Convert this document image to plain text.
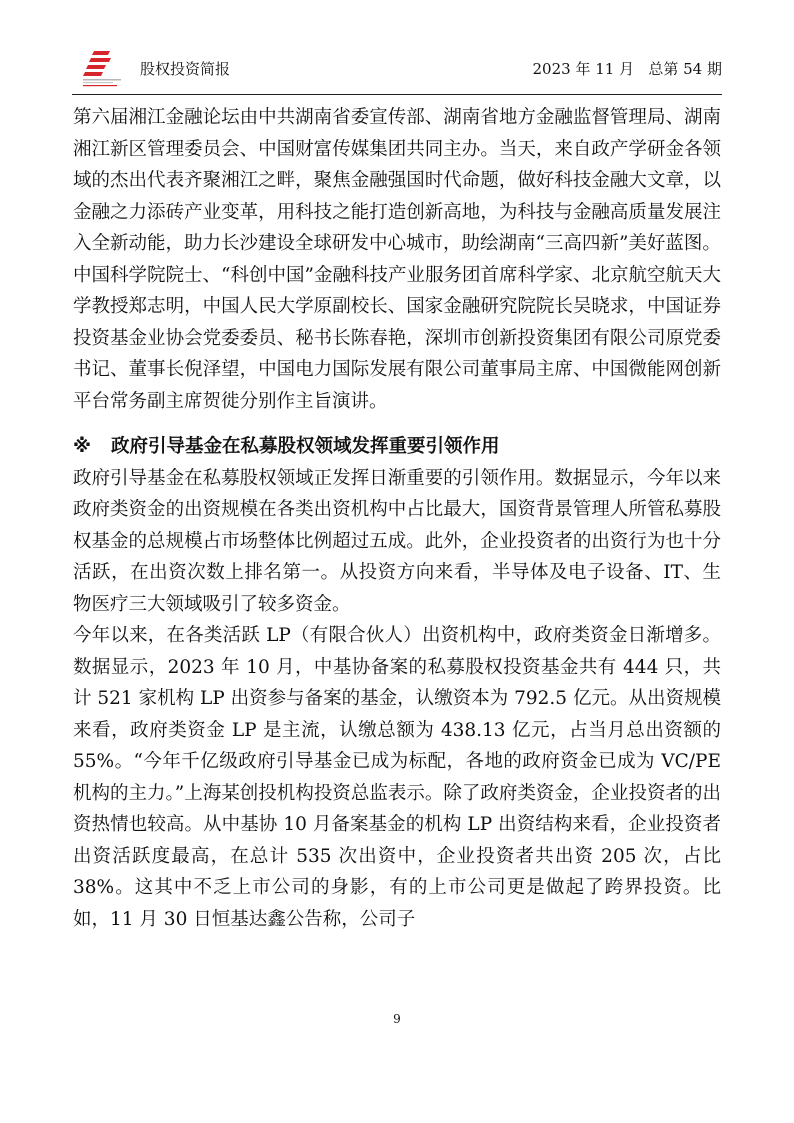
股权投资简报	2023 年 11 月   总第 54 期

第六届湘江金融论坛由中共湖南省委宣传部、湖南省地方金融监督管理局、湖南湘江新区管理委员会、中国财富传媒集团共同主办。当天，来自政产学研金各领域的杰出代表齐聚湘江之畔，聚焦金融强国时代命题，做好科技金融大文章，以金融之力添砖产业变革，用科技之能打造创新高地，为科技与金融高质量发展注入全新动能，助力长沙建设全球研发中心城市，助绘湖南“三高四新”美好蓝图。

中国科学院院士、“科创中国”金融科技产业服务团首席科学家、北京航空航天大学教授郑志明，中国人民大学原副校长、国家金融研究院院长吴晓求，中国证券投资基金业协会党委委员、秘书长陈春艳，深圳市创新投资集团有限公司原党委书记、董事长倪泽望，中国电力国际发展有限公司董事局主席、中国微能网创新平台常务副主席贺徙分别作主旨演讲。

※ 政府引导基金在私募股权领域发挥重要引领作用

政府引导基金在私募股权领域正发挥日渐重要的引领作用。数据显示，今年以来政府类资金的出资规模在各类出资机构中占比最大，国资背景管理人所管私募股权基金的总规模占市场整体比例超过五成。此外，企业投资者的出资行为也十分活跃，在出资次数上排名第一。从投资方向来看，半导体及电子设备、IT、生物医疗三大领域吸引了较多资金。

今年以来，在各类活跃 LP（有限合伙人）出资机构中，政府类资金日渐增多。数据显示，2023 年 10 月，中基协备案的私募股权投资基金共有 444 只，共计 521 家机构 LP 出资参与备案的基金，认缴资本为 792.5 亿元。从出资规模来看，政府类资金 LP 是主流，认缴总额为 438.13 亿元，占当月总出资额的 55%。“今年千亿级政府引导基金已成为标配，各地的政府资金已成为 VC/PE 机构的主力。”上海某创投机构投资总监表示。除了政府类资金，企业投资者的出资热情也较高。从中基协 10 月备案基金的机构 LP 出资结构来看，企业投资者出资活跃度最高，在总计 535 次出资中，企业投资者共出资 205 次，占比 38%。这其中不乏上市公司的身影，有的上市公司更是做起了跨界投资。比如，11 月 30 日恒基达鑫公告称，公司子

9
